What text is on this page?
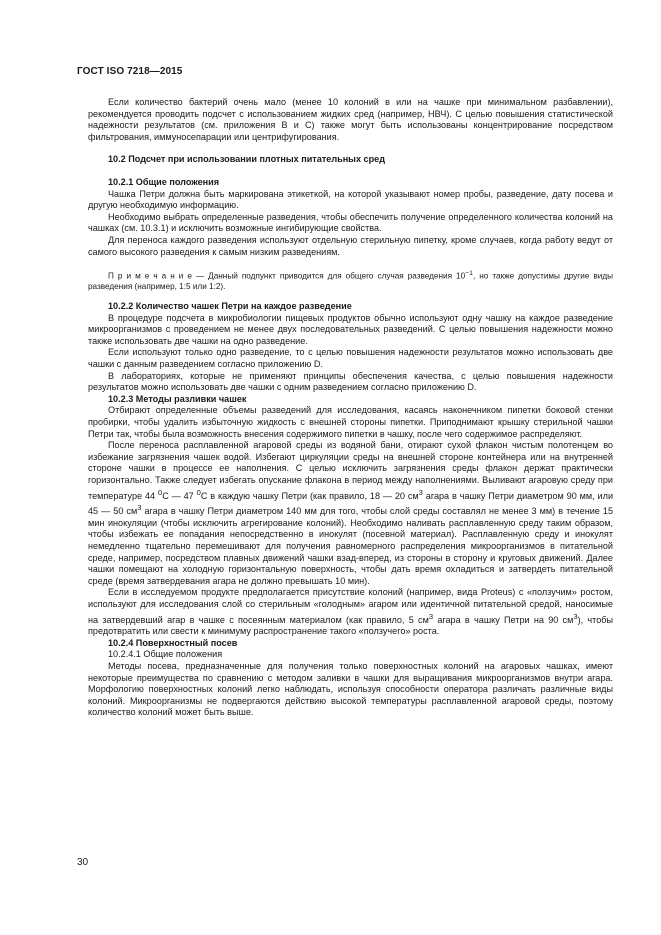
ГОСТ ISO 7218—2015

Если количество бактерий очень мало (менее 10 колоний в или на чашке при минимальном разбавлении), рекомендуется проводить подсчет с использованием жидких сред (например, НВЧ). С целью повышения статистической надежности результатов (см. приложения В и С) также могут быть использованы концентрирование посредством фильтрования, иммуносепарации или центрифугирования.

10.2 Подсчет при использовании плотных питательных сред
10.2.1 Общие положения

Чашка Петри должна быть маркирована этикеткой, на которой указывают номер пробы, разведение, дату посева и другую необходимую информацию.

Необходимо выбрать определенные разведения, чтобы обеспечить получение определенного количества колоний на чашках (см. 10.3.1) и исключить возможные ингибирующие свойства.

Для переноса каждого разведения используют отдельную стерильную пипетку, кроме случаев, когда работу ведут от самого высокого разведения к самым низким разведениям.

П р и м е ч а н и е — Данный подпункт приводится для общего случая разведения $10^{-1}$, но также допустимы другие виды разведения (например, 1:5 или 1:2).

10.2.2 Количество чашек Петри на каждое разведение

В процедуре подсчета в микробиологии пищевых продуктов обычно используют одну чашку на каждое разведение микроорганизмов с проведением не менее двух последовательных разведений. С целью повышения надежности можно также использовать две чашки на одно разведение.

Если используют только одно разведение, то с целью повышения надежности результатов можно использовать две чашки с данным разведением согласно приложению D.

В лабораториях, которые не применяют принципы обеспечения качества, с целью повышения надежности результатов можно использовать две чашки с одним разведением согласно приложению D.

10.2.3 Методы разливки чашек

Отбирают определенные объемы разведений для исследования, касаясь наконечником пипетки боковой стенки пробирки, чтобы удалить избыточную жидкость с внешней стороны пипетки. Приподнимают крышку стерильной чашки Петри так, чтобы была возможность внесения содержимого пипетки в чашку, после чего содержимое распределяют.

После переноса расплавленной агаровой среды из водяной бани, отирают сухой флакон чистым полотенцем во избежание загрязнения чашек водой. Избегают циркуляции среды на внешней стороне контейнера или на внутренней стороне чашки в процессе ее наполнения. С целью исключить загрязнения среды флакон держат практически горизонтально. Также следует избегать опускание флакона в период между наполнениями. Выливают агаровую среду при температуре 44 $^0$С — 47 $^0$С в каждую чашку Петри (как правило, 18 — 20 $см^3$ агара в чашку Петри диаметром 90 мм, или 45 — 50 $см^3$ агара в чашку Петри диаметром 140 мм для того, чтобы слой среды составлял не менее 3 мм) в течение 15 мин инокуляции (чтобы исключить агрегирование колоний). Необходимо наливать расплавленную среду таким образом, чтобы избежать ее попадания непосредственно в инокулят (посевной материал). Расплавленную среду и инокулят немедленно тщательно перемешивают для получения равномерного распределения микроорганизмов в питательной среде, например, посредством плавных движений чашки взад-вперед, из стороны в сторону и круговых движений. Далее чашки помещают на холодную горизонтальную поверхность, чтобы дать время охладиться и затвердеть питательной среде (время затвердевания агара не должно превышать 10 мин).

Если в исследуемом продукте предполагается присутствие колоний (например, вида Proteus) с «ползучим» ростом, используют для исследования слой со стерильным «голодным» агаром или идентичной питательной средой, наносимые на затвердевший агар в чашке с посеянным материалом (как правило, 5 $см^3$ агара в чашку Петри на 90 $см^3$), чтобы предотвратить или свести к минимуму распространение такого «ползучего» роста.

10.2.4 Поверхностный посев

10.2.4.1 Общие положения

Методы посева, предназначенные для получения только поверхностных колоний на агаровых чашках, имеют некоторые преимущества по сравнению с методом заливки в чашки для выращивания микроорганизмов внутри агара. Морфологию поверхностных колоний легко наблюдать, используя способности оператора различать различные виды колоний. Микроорганизмы не подвергаются действию высокой температуры расплавленной агаровой среды, поэтому количество колоний может быть выше.

30
